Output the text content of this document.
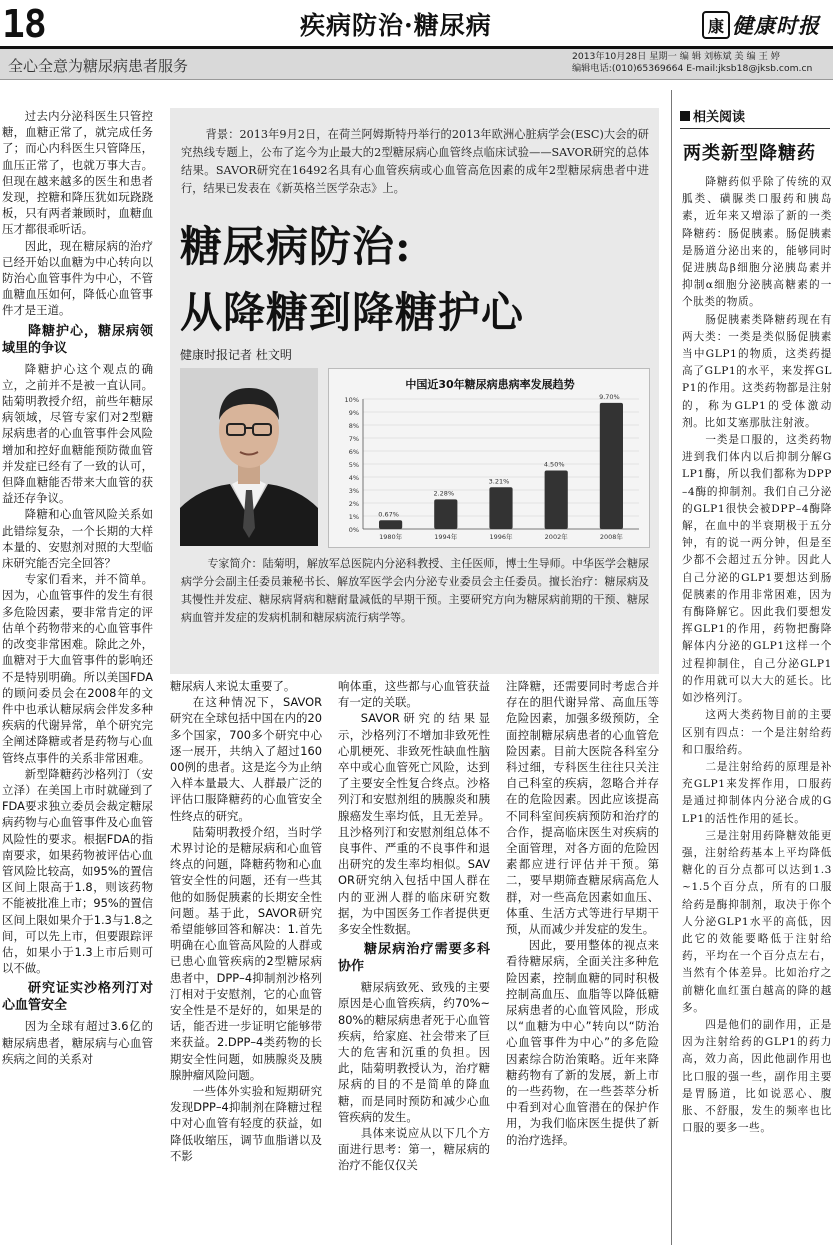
18	疾病防治·糖尿病	康 健康时报
全心全意为糖尿病患者服务
2013年10月28日 星期一 编 辑 刘栋斌 美 编 王 婷
编辑电话:(010)65369664 E-mail:jksb18@jksb.com.cn

过去内分泌科医生只管控糖，血糖正常了，就完成任务了；而心内科医生只管降压，血压正常了，也就万事大吉。但现在越来越多的医生和患者发现，控糖和降压犹如玩跷跷板，只有两者兼顾时，血糖血压才都很乖听话。

因此，现在糖尿病的治疗已经开始以血糖为中心转向以防治心血管事件为中心，不管血糖血压如何，降低心血管事件才是王道。

降糖护心，糖尿病领域里的争议

降糖护心这个观点的确立，之前并不是被一直认同。陆菊明教授介绍，前些年糖尿病领域，尽管专家们对2型糖尿病患者的心血管事件会风险增加和控好血糖能预防微血管并发症已经有了一致的认可，但降血糖能否带来大血管的获益还存争议。

降糖和心血管风险关系如此错综复杂，一个长期的大样本量的、安慰剂对照的大型临床研究能否完全回答？

专家们看来，并不简单。因为，心血管事件的发生有很多危险因素，要非常肯定的评估单个药物带来的心血管事件的改变非常困难。除此之外，血糖对于大血管事件的影响还不是特别明确。所以美国FDA的顾问委员会在2008年的文件中也承认糖尿病会伴发多种疾病的代谢异常，单个研究完全阐述降糖或者是药物与心血管终点事件的关系非常困难。

新型降糖药沙格列汀（安立泽）在美国上市时就碰到了FDA要求独立委员会裁定糖尿病药物与心血管事件及心血管风险性的要求。根据FDA的指南要求，如果药物被评估心血管风险比较高，如95%的置信区间上限高于1.8，则该药物不能被批准上市；95%的置信区间上限如果介于1.3与1.8之间，可以先上市，但要跟踪评估，如果小于1.3上市后则可以不做。

研究证实沙格列汀对心血管安全

因为全球有超过3.6亿的糖尿病患者，糖尿病与心血管疾病之间的关系对

背景：2013年9月2日，在荷兰阿姆斯特丹举行的2013年欧洲心脏病学会(ESC)大会的研究热线专题上，公布了迄今为止最大的2型糖尿病心血管终点临床试验——SAVOR研究的总体结果。SAVOR研究在16492名具有心血管疾病或心血管高危因素的成年2型糖尿病患者中进行，结果已发表在《新英格兰医学杂志》上。
糖尿病防治:
从降糖到降糖护心
健康时报记者 杜文明
中国近30年糖尿病患病率发展趋势
0%
1%
2%
3%
4%
5%
6%
7%
8%
9%
10%
0.67%
1980年
2.28%
1994年
3.21%
1996年
4.50%
2002年
9.70%
2008年
专家简介：陆菊明，解放军总医院内分泌科教授、主任医师，博士生导师。中华医学会糖尿病学分会副主任委员兼秘书长、解放军医学会内分泌专业委员会主任委员。擅长治疗：糖尿病及其慢性并发症、糖尿病肾病和糖耐量减低的早期干预。主要研究方向为糖尿病前期的干预、糖尿病血管并发症的发病机制和糖尿病流行病学等。

糖尿病人来说太重要了。

在这种情况下，SAVOR研究在全球包括中国在内的20多个国家，700多个研究中心逐一展开，共纳入了超过16000例的患者。这是迄今为止纳入样本量最大、人群最广泛的评估口服降糖药的心血管安全性终点的研究。

陆菊明教授介绍，当时学术界讨论的是糖尿病和心血管终点的问题，降糖药物和心血管安全性的问题，还有一些其他的如肠促胰素的长期安全性问题。基于此，SAVOR研究希望能够回答和解决：1.首先明确在心血管高风险的人群或已患心血管疾病的2型糖尿病患者中，DPP–4抑制剂沙格列汀相对于安慰剂，它的心血管安全性是不是好的，如果是的话，能否进一步证明它能够带来获益。2.DPP–4类药物的长期安全性问题，如胰腺炎及胰腺肿瘤风险问题。

一些体外实验和短期研究发现DPP–4抑制剂在降糖过程中对心血管有轻度的获益，如降低收缩压，调节血脂谱以及不影

响体重，这些都与心血管获益有一定的关联。

SAVOR研究的结果显示，沙格列汀不增加非致死性心肌梗死、非致死性缺血性脑卒中或心血管死亡风险，达到了主要安全性复合终点。沙格列汀和安慰剂组的胰腺炎和胰腺癌发生率均低，且无差异。且沙格列汀和安慰剂组总体不良事件、严重的不良事件和退出研究的发生率均相似。SAVOR研究纳入包括中国人群在内的亚洲人群的临床研究数据，为中国医务工作者提供更多安全性数据。

糖尿病治疗需要多科协作

糖尿病致死、致残的主要原因是心血管疾病，约70%~80%的糖尿病患者死于心血管疾病，给家庭、社会带来了巨大的危害和沉重的负担。因此，陆菊明教授认为，治疗糖尿病的目的不是简单的降血糖，而是同时预防和减少心血管疾病的发生。

具体来说应从以下几个方面进行思考：第一，糖尿病的治疗不能仅仅关

注降糖，还需要同时考虑合并存在的胆代谢异常、高血压等危险因素，加强多级预防，全面控制糖尿病患者的心血管危险因素。目前大医院各科室分科过细，专科医生往往只关注自己科室的疾病，忽略合并存在的危险因素。因此应该提高不同科室间疾病预防和治疗的合作，提高临床医生对疾病的全面管理，对各方面的危险因素都应进行评估并干预。第二，要早期筛查糖尿病高危人群，对一些高危因素如血压、体重、生活方式等进行早期干预，从而减少并发症的发生。

因此，要用整体的视点来看待糖尿病，全面关注多种危险因素，控制血糖的同时积极控制高血压、血脂等以降低糖尿病患者的心血管风险，形成以“血糖为中心”转向以“防治心血管事件为中心”的多危险因素综合防治策略。近年来降糖药物有了新的发展，新上市的一些药物，在一些荟萃分析中看到对心血管潜在的保护作用，为我们临床医生提供了新的治疗选择。

相关阅读
两类新型降糖药

降糖药似乎除了传统的双胍类、磺脲类口服药和胰岛素，近年来又增添了新的一类降糖药：肠促胰素。肠促胰素是肠道分泌出来的，能够同时促进胰岛β细胞分泌胰岛素并抑制α细胞分泌胰高糖素的一个肽类的物质。

肠促胰素类降糖药现在有两大类：一类是类似肠促胰素当中GLP1的物质，这类药提高了GLP1的水平，来发挥GLP1的作用。这类药物都是注射的，称为GLP1的受体激动剂。比如艾塞那肽注射液。

一类是口服的，这类药物进到我们体内以后抑制分解GLP1酶，所以我们都称为DPP–4酶的抑制剂。我们自己分泌的GLP1很快会被DPP–4酶降解，在血中的半衰期极于五分钟，有的说一两分钟，但是至少都不会超过五分钟。因此人自己分泌的GLP1要想达到肠促胰素的作用非常困难，因为有酶降解它。因此我们要想发挥GLP1的作用，药物把酶降解体内分泌的GLP1这样一个过程抑制住，自己分泌GLP1的作用就可以大大的延长。比如沙格列汀。

这两大类药物目前的主要区别有四点：一个是注射给药和口服给药。

二是注射给药的原理是补充GLP1来发挥作用，口服药是通过抑制体内分泌合成的GLP1的活性作用的延长。

三是注射用药降糖效能更强，注射给药基本上平均降低糖化的百分点都可以达到1.3~1.5个百分点，所有的口服给药是酶抑制剂，取决于你个人分泌GLP1水平的高低，因此它的效能要略低于注射给药，平均在一个百分点左右，当然有个体差异。比如治疗之前糖化血红蛋白越高的降的越多。

四是他们的副作用，正是因为注射给药的GLP1的药力高，效力高，因此他副作用也比口服的强一些，副作用主要是胃肠道，比如说恶心、腹胀、不舒服，发生的频率也比口服的要多一些。
